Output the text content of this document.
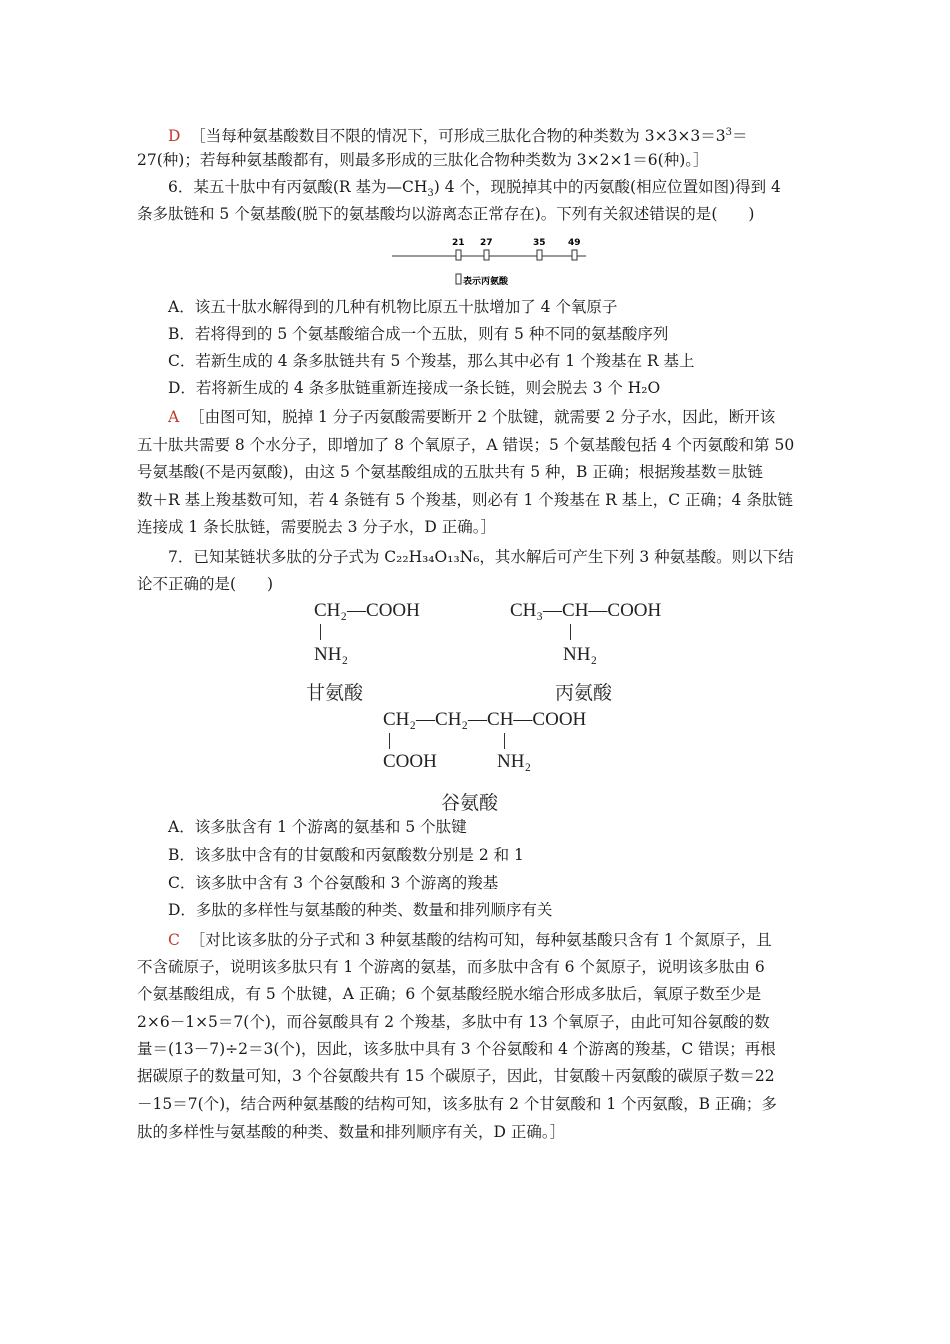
D ［当每种氨基酸数目不限的情况下，可形成三肽化合物的种类数为 $3\times 3\times 3=3^3=$
27(种)；若每种氨基酸都有，则最多形成的三肽化合物种类数为 3×2×1＝6(种)。］
6．某五十肽中有丙氨酸(R 基为$—CH_3$) 4 个，现脱掉其中的丙氨酸(相应位置如图)得到 4
条多肽链和 5 个氨基酸(脱下的氨基酸均以游离态正常存在)。下列有关叙述错误的是(　　)
21 27	35 49
表示丙氨酸
A．该五十肽水解得到的几种有机物比原五十肽增加了 4 个氧原子
B．若将得到的 5 个氨基酸缩合成一个五肽，则有 5 种不同的氨基酸序列
C．若新生成的 4 条多肽链共有 5 个羧基，那么其中必有 1 个羧基在 R 基上
D．若将新生成的 4 条多肽链重新连接成一条长链，则会脱去 3 个 H₂O
A ［由图可知，脱掉 1 分子丙氨酸需要断开 2 个肽键，就需要 2 分子水，因此，断开该
五十肽共需要 8 个水分子，即增加了 8 个氧原子，A 错误；5 个氨基酸包括 4 个丙氨酸和第 50
号氨基酸(不是丙氨酸)，由这 5 个氨基酸组成的五肽共有 5 种，B 正确；根据羧基数＝肽链
数＋R 基上羧基数可知，若 4 条链有 5 个羧基，则必有 1 个羧基在 R 基上，C 正确；4 条肽链
连接成 1 条长肽链，需要脱去 3 分子水，D 正确。］
7．已知某链状多肽的分子式为 C₂₂H₃₄O₁₃N₆，其水解后可产生下列 3 种氨基酸。则以下结
论不正确的是(　　)
CH₂—COOH
NH₂
甘氨酸
CH₃—CH—COOH
NH₂
丙氨酸
CH₂—CH₂—CH—COOH
COOH	NH₂
谷氨酸
A．该多肽含有 1 个游离的氨基和 5 个肽键
B．该多肽中含有的甘氨酸和丙氨酸数分别是 2 和 1
C．该多肽中含有 3 个谷氨酸和 3 个游离的羧基
D．多肽的多样性与氨基酸的种类、数量和排列顺序有关
C ［对比该多肽的分子式和 3 种氨基酸的结构可知，每种氨基酸只含有 1 个氮原子，且
不含硫原子，说明该多肽只有 1 个游离的氨基，而多肽中含有 6 个氮原子，说明该多肽由 6
个氨基酸组成，有 5 个肽键，A 正确；6 个氨基酸经脱水缩合形成多肽后，氧原子数至少是
2×6－1×5＝7(个)，而谷氨酸具有 2 个羧基，多肽中有 13 个氧原子，由此可知谷氨酸的数
量＝(13－7)÷2＝3(个)，因此，该多肽中具有 3 个谷氨酸和 4 个游离的羧基，C 错误；再根
据碳原子的数量可知，3 个谷氨酸共有 15 个碳原子，因此，甘氨酸＋丙氨酸的碳原子数＝22
－15＝7(个)，结合两种氨基酸的结构可知，该多肽有 2 个甘氨酸和 1 个丙氨酸，B 正确；多
肽的多样性与氨基酸的种类、数量和排列顺序有关，D 正确。］
